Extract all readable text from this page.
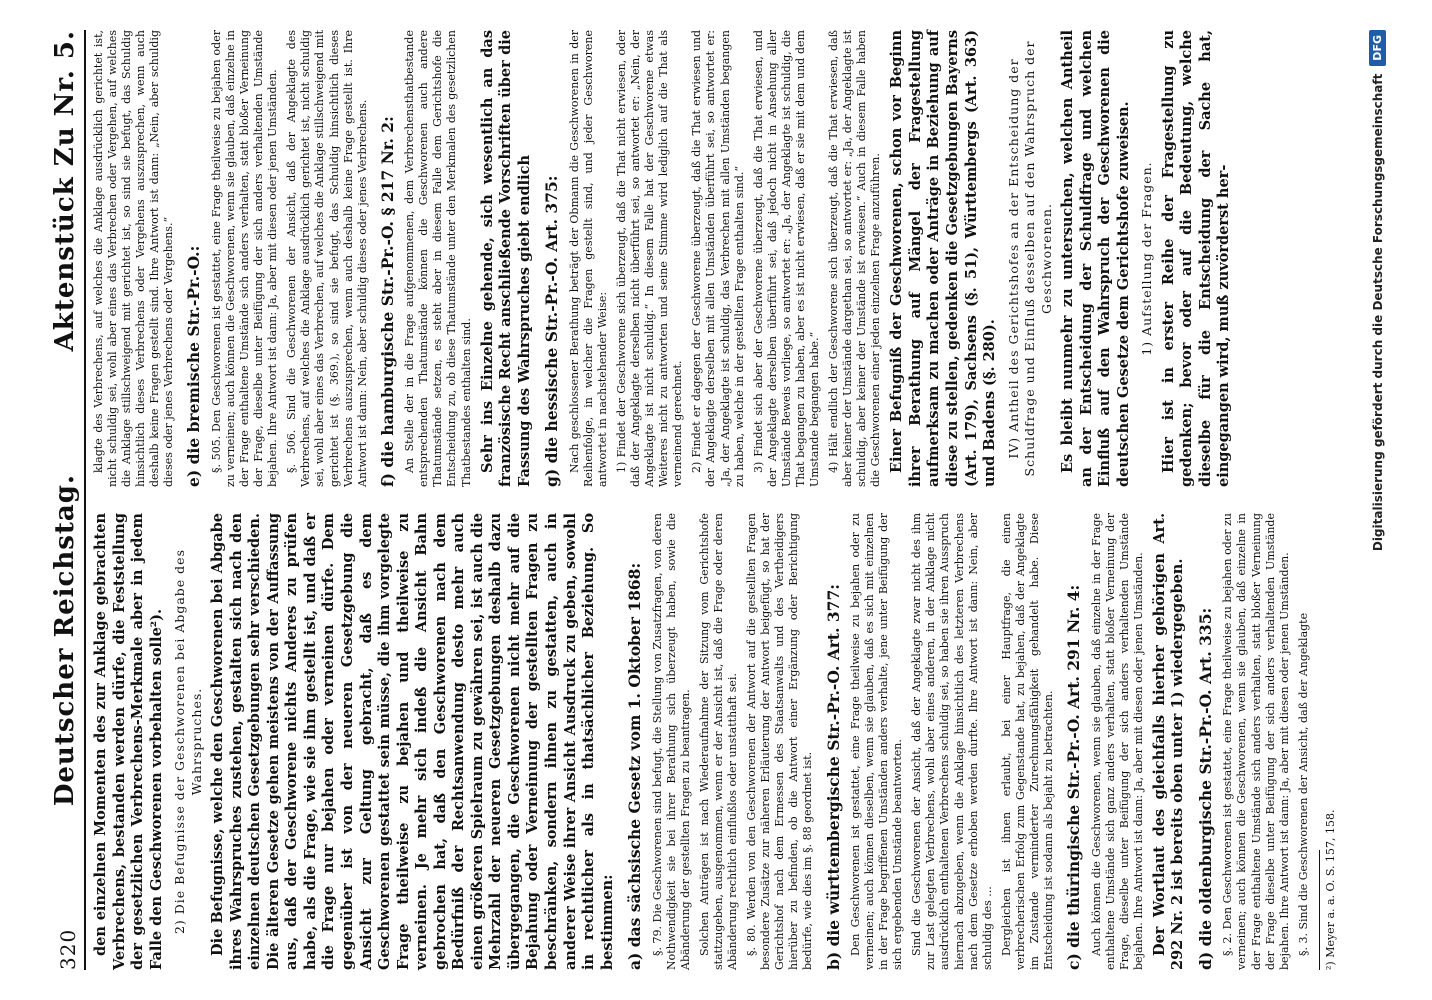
320
Deutscher Reichstag.
Aktenstück Zu Nr. 5.

den einzelnen Momenten des zur Anklage gebrachten Verbrechens, bestanden werden dürfe, die Feststellung der gesetzlichen Verbrechens-Merkmale aber in jedem Falle den Geschworenen vorbehalten solle²). 2) Die Befugnisse der Geschworenen bei Abgabe des Wahrspruches. Die Befugnisse, welche den Geschworenen bei Abgabe ihres Wahrspruches zustehen, gestalten sich nach den einzelnen deutschen Gesetzgebungen sehr verschieden. Die älteren Gesetze gehen meistens von der Auffassung aus, daß der Geschworene nichts Anderes zu prüfen habe, als die Frage, wie sie ihm gestellt ist, und daß er die Frage nur bejahen oder verneinen dürfe. Dem gegenüber ist von der neueren Gesetzgebung die Ansicht zur Geltung gebracht, daß es dem Geschworenen gestattet sein müsse, die ihm vorgelegte Frage theilweise zu bejahen und theilweise zu verneinen. Je mehr sich indeß die Ansicht Bahn gebrochen hat, daß den Geschworenen nach dem Bedürfniß der Rechtsanwendung desto mehr auch einen größeren Spielraum zu gewähren sei, ist auch die Mehrzahl der neueren Gesetzgebungen deshalb dazu übergegangen, die Geschworenen nicht mehr auf die Bejahung oder Verneinung der gestellten Fragen zu beschränken, sondern ihnen zu gestatten, auch in anderer Weise ihrer Ansicht Ausdruck zu geben, sowohl in rechtlicher als in thatsächlicher Beziehung. So bestimmen: a) das sächsische Gesetz vom 1. Oktober 1868: §. 79. Die Geschworenen sind befugt, die Stellung von Zusatzfragen, von deren Nothwendigkeit sie bei ihrer Berathung sich überzeugt haben, sowie die Abänderung der gestellten Fragen zu beantragen. Solchen Anträgen ist nach Wiederaufnahme der Sitzung vom Gerichtshofe stattzugeben, ausgenommen, wenn er der Ansicht ist, daß die Frage oder deren Abänderung rechtlich einflußlos oder unstatthaft sei. §. 80. Werden von den Geschworenen der Antwort auf die gestellten Fragen besondere Zusätze zur näheren Erläuterung der Antwort beigefügt, so hat der Gerichtshof nach dem Ermessen des Staatsanwalts und des Vertheidigers hierüber zu befinden, ob die Antwort einer Ergänzung oder Berichtigung bedürfe, wie dies im §. 88 geordnet ist. b) die württembergische Str.-Pr.-O. Art. 377: Den Geschworenen ist gestattet, eine Frage theilweise zu bejahen oder zu verneinen; auch können dieselben, wenn sie glauben, daß es sich mit einzelnen in der Frage begriffenen Umständen anders verhalte, jene unter Beifügung der sich ergebenden Umstände beantworten. Sind die Geschworenen der Ansicht, daß der Angeklagte zwar nicht des ihm zur Last gelegten Verbrechens, wohl aber eines anderen, in der Anklage nicht ausdrücklich enthaltenen Verbrechens schuldig sei, so haben sie ihren Ausspruch hiernach abzugeben, wenn die Anklage hinsichtlich des letzteren Verbrechens nach dem Gesetze erhoben werden durfte. Ihre Antwort ist dann: Nein, aber schuldig des ... Dergleichen ist ihnen erlaubt, bei einer Hauptfrage, die einen verbrecherischen Erfolg zum Gegenstande hat, zu bejahen, daß der Angeklagte im Zustande verminderter Zurechnungsfähigkeit gehandelt habe. Diese Entscheidung ist sodann als bejaht zu betrachten. c) die thüringische Str.-Pr.-O. Art. 291 Nr. 4: Auch können die Geschworenen, wenn sie glauben, daß einzelne in der Frage enthaltene Umstände sich ganz anders verhalten, statt bloßer Verneinung der Frage, dieselbe unter Beifügung der sich anders verhaltenden Umstände bejahen. Ihre Antwort ist dann: Ja, aber mit diesen oder jenen Umständen. Der Wortlaut des gleichfalls hierher gehörigen Art. 292 Nr. 2 ist bereits oben unter 1) wiedergegeben. d) die oldenburgische Str.-Pr.-O. Art. 335: §. 2. Den Geschworenen ist gestattet, eine Frage theilweise zu bejahen oder zu verneinen; auch können die Geschworenen, wenn sie glauben, daß einzelne in der Frage enthaltene Umstände sich anders verhalten, statt bloßer Verneinung der Frage dieselbe unter Beifügung der sich anders verhaltenden Umstände bejahen. Ihre Antwort ist dann: Ja, aber mit diesen oder jenen Umständen. §. 3. Sind die Geschworenen der Ansicht, daß der Angeklagte ²) Meyer a. a. O. S. 157, 158.

klagte des Verbrechens, auf welches die Anklage ausdrücklich gerichtet ist, nicht schuldig sei, wohl aber eines das Verbrechen oder Vergehen, auf welches die Anklage stillschweigend mit gerichtet ist, so sind sie befugt, das Schuldig hinsichtlich dieses Verbrechens oder Vergehens auszusprechen, wenn auch deshalb keine Fragen gestellt sind. Ihre Antwort ist dann: „Nein, aber schuldig dieses oder jenes Verbrechens oder Vergehens.“ e) die bremische Str.-Pr.-O.: §. 505. Den Geschworenen ist gestattet, eine Frage theilweise zu bejahen oder zu verneinen; auch können die Geschworenen, wenn sie glauben, daß einzelne in der Frage enthaltene Umstände sich anders verhalten, statt bloßer Verneinung der Frage, dieselbe unter Beifügung der sich anders verhaltenden Umstände bejahen. Ihre Antwort ist dann: Ja, aber mit diesen oder jenen Umständen. §. 506. Sind die Geschworenen der Ansicht, daß der Angeklagte des Verbrechens, auf welches die Anklage ausdrücklich gerichtet ist, nicht schuldig sei, wohl aber eines das Verbrechen, auf welches die Anklage stillschweigend mit gerichtet ist (§. 369.), so sind sie befugt, das Schuldig hinsichtlich dieses Verbrechens auszusprechen, wenn auch deshalb keine Frage gestellt ist. Ihre Antwort ist dann: Nein, aber schuldig dieses oder jenes Verbrechens. f) die hamburgische Str.-Pr.-O. § 217 Nr. 2: An Stelle der in die Frage aufgenommenen, dem Verbrechensthatbestande entsprechenden Thatumstände können die Geschworenen auch andere Thatumstände setzen, es steht aber in diesem Falle dem Gerichtshofe die Entscheidung zu, ob diese Thatumstände unter den Merkmalen des gesetzlichen Thatbestandes enthalten sind. Sehr ins Einzelne gehende, sich wesentlich an das französische Recht anschließende Vorschriften über die Fassung des Wahrspruches giebt endlich g) die hessische Str.-Pr.-O. Art. 375: Nach geschlossener Berathung beträgt der Obmann die Geschworenen in der Reihenfolge, in welcher die Fragen gestellt sind, und jeder Geschworene antwortet in nachstehender Weise: 1) Findet der Geschworene sich überzeugt, daß die That nicht erwiesen, oder daß der Angeklagte derselben nicht überführt sei, so antwortet er: „Nein, der Angeklagte ist nicht schuldig.“ In diesem Falle hat der Geschworene etwas Weiteres nicht zu antworten und seine Stimme wird lediglich auf die That als verneinend gerechnet. 2) Findet er dagegen der Geschworene überzeugt, daß die That erwiesen und der Angeklagte derselben mit allen Umständen überführt sei, so antwortet er: „Ja, der Angeklagte ist schuldig, das Verbrechen mit allen Umständen begangen zu haben, welche in der gestellten Frage enthalten sind.“ 3) Findet sich aber der Geschworene überzeugt, daß die That erwiesen, und der Angeklagte derselben überführt sei, daß jedoch nicht in Ansehung aller Umstände Beweis vorliege, so antwortet er: „Ja, der Angeklagte ist schuldig, die That begangen zu haben, aber es ist nicht erwiesen, daß er sie mit dem und dem Umstande begangen habe.“ 4) Hält endlich der Geschworene sich überzeugt, daß die That erwiesen, daß aber keiner der Umstände dargethan sei, so antwortet er: „Ja, der Angeklagte ist schuldig, aber keiner der Umstände ist erwiesen.“ Auch in diesem Falle haben die Geschworenen einer jeden einzelnen Frage anzuführen. Einer Befugniß der Geschworenen, schon vor Beginn ihrer Berathung auf Mängel der Fragestellung aufmerksam zu machen oder Anträge in Beziehung auf diese zu stellen, gedenken die Gesetzgebungen Bayerns (Art. 179), Sachsens (§. 51), Württembergs (Art. 363) und Badens (§. 280). IV) Antheil des Gerichtshofes an der Entscheidung der Schuldfrage und Einfluß desselben auf den Wahrspruch der Geschworenen. Es bleibt nunmehr zu untersuchen, welchen Antheil an der Entscheidung der Schuldfrage und welchen Einfluß auf den Wahrspruch der Geschworenen die deutschen Gesetze dem Gerichtshofe zuweisen. 1) Aufstellung der Fragen. Hier ist in erster Reihe der Fragestellung zu gedenken; bevor oder auf die Bedeutung, welche dieselbe für die Entscheidung der Sache hat, eingegangen wird, muß zuvörderst her-	Digitalisierung gefördert durch die Deutsche Forschungsgemeinschaft
DFG
